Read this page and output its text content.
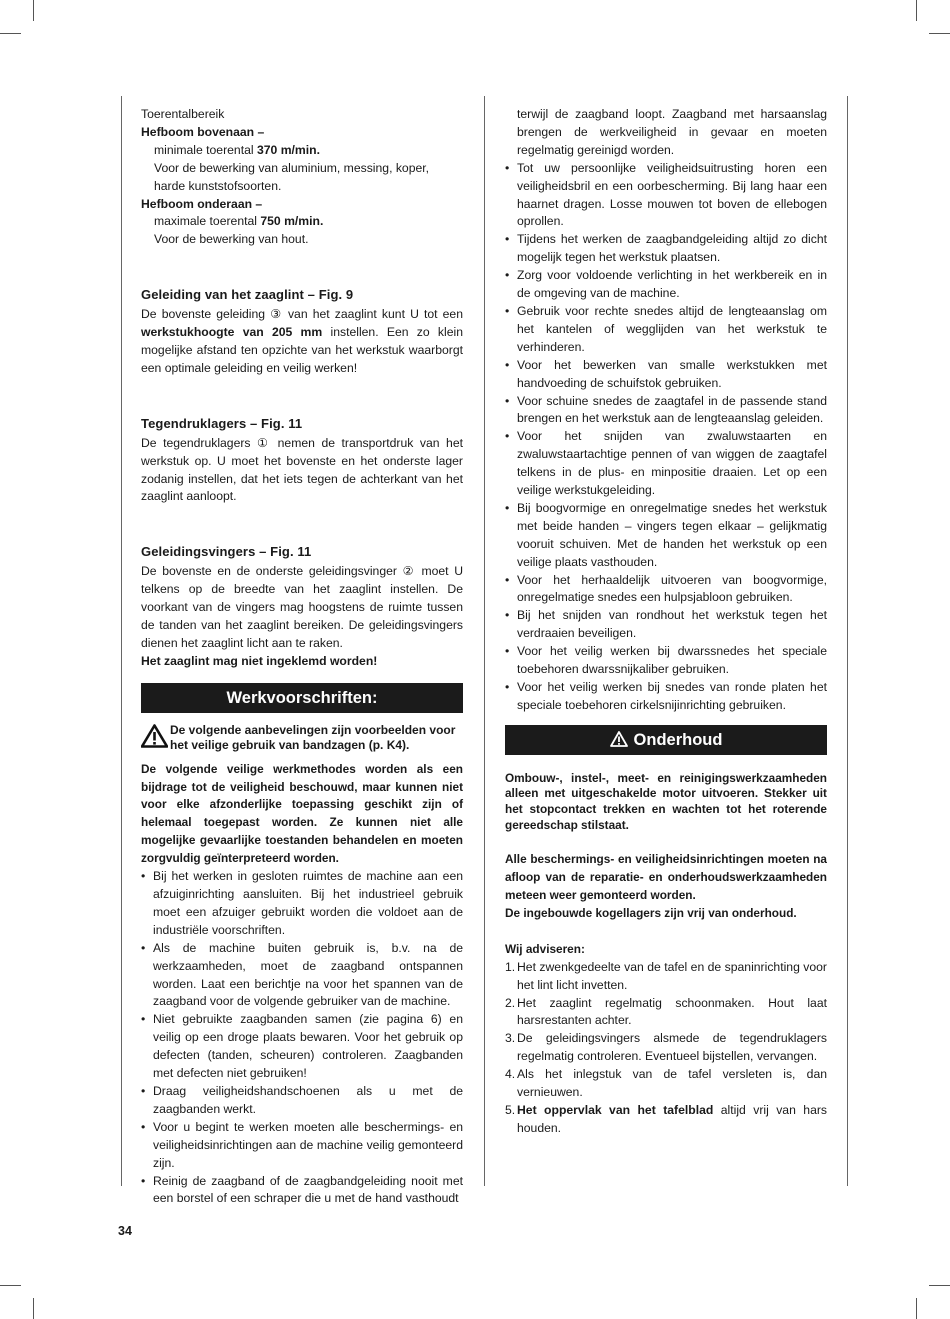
Toerentalbereik

Hefboom bovenaan –

minimale toerental 370 m/min.

Voor de bewerking van aluminium, messing, koper, harde kunststofsoorten.

Hefboom onderaan –

maximale toerental 750 m/min.

Voor de bewerking van hout.

Geleiding van het zaaglint – Fig. 9

De bovenste geleiding ③ van het zaaglint kunt U tot een werkstukhoogte van 205 mm instellen. Een zo klein mogelijke afstand ten opzichte van het werkstuk waarborgt een optimale geleiding en veilig werken!

Tegendruklagers – Fig. 11

De tegendruklagers ① nemen de transportdruk van het werkstuk op. U moet het bovenste en het onderste lager zodanig instellen, dat het iets tegen de achterkant van het zaaglint aanloopt.

Geleidingsvingers – Fig. 11

De bovenste en de onderste geleidingsvinger ② moet U telkens op de breedte van het zaaglint instellen. De voorkant van de vingers mag hoogstens de ruimte tussen de tanden van het zaaglint bereiken. De geleidingsvingers dienen het zaaglint licht aan te raken.

Het zaaglint mag niet ingeklemd worden!

Werkvoorschriften:
De volgende aanbevelingen zijn voorbeelden voor het veilige gebruik van bandzagen (p. K4).

De volgende veilige werkmethodes worden als een bijdrage tot de veiligheid beschouwd, maar kunnen niet voor elke afzonderlijke toepassing geschikt zijn of helemaal toegepast worden. Ze kunnen niet alle mogelijke gevaarlijke toestanden behandelen en moeten zorgvuldig geïnterpreteerd worden.

• Bij het werken in gesloten ruimtes de machine aan een afzuiginrichting aansluiten. Bij het industrieel gebruik moet een afzuiger gebruikt worden die voldoet aan de industriële voorschriften.
• Als de machine buiten gebruik is, b.v. na de werkzaamheden, moet de zaagband ontspannen worden. Laat een berichtje na voor het spannen van de zaagband voor de volgende gebruiker van de machine.
• Niet gebruikte zaagbanden samen (zie pagina 6) en veilig op een droge plaats bewaren. Voor het gebruik op defecten (tanden, scheuren) controleren. Zaagbanden met defecten niet gebruiken!
• Draag veiligheidshandschoenen als u met de zaagbanden werkt.
• Voor u begint te werken moeten alle beschermings- en veiligheidsinrichtingen aan de machine veilig gemonteerd zijn.
• Reinig de zaagband of de zaagbandgeleiding nooit met een borstel of een schraper die u met de hand vasthoudt

terwijl de zaagband loopt. Zaagband met harsaanslag brengen de werkveiligheid in gevaar en moeten regelmatig gereinigd worden.

• Tot uw persoonlijke veiligheidsuitrusting horen een veiligheidsbril en een oorbescherming. Bij lang haar een haarnet dragen. Losse mouwen tot boven de ellebogen oprollen.
• Tijdens het werken de zaagbandgeleiding altijd zo dicht mogelijk tegen het werkstuk plaatsen.
• Zorg voor voldoende verlichting in het werkbereik en in de omgeving van de machine.
• Gebruik voor rechte snedes altijd de lengteaanslag om het kantelen of wegglijden van het werkstuk te verhinderen.
• Voor het bewerken van smalle werkstukken met handvoeding de schuifstok gebruiken.
• Voor schuine snedes de zaagtafel in de passende stand brengen en het werkstuk aan de lengteaanslag geleiden.
• Voor het snijden van zwaluwstaarten en zwaluwstaartachtige pennen of van wiggen de zaagtafel telkens in de plus- en minpositie draaien. Let op een veilige werkstukgeleiding.
• Bij boogvormige en onregelmatige snedes het werkstuk met beide handen – vingers tegen elkaar – gelijkmatig vooruit schuiven. Met de handen het werkstuk op een veilige plaats vasthouden.
• Voor het herhaaldelijk uitvoeren van boogvormige, onregelmatige snedes een hulpsjabloon gebruiken.
• Bij het snijden van rondhout het werkstuk tegen het verdraaien beveiligen.
• Voor het veilig werken bij dwarssnedes het speciale toebehoren dwarssnijkaliber gebruiken.
• Voor het veilig werken bij snedes van ronde platen het speciale toebehoren cirkelsnijinrichting gebruiken.
Onderhoud

Ombouw-, instel-, meet- en reinigingswerkzaamheden alleen met uitgeschakelde motor uitvoeren. Stekker uit het stopcontact trekken en wachten tot het roterende gereedschap stilstaat.

Alle beschermings- en veiligheidsinrichtingen moeten na afloop van de reparatie- en onderhoudswerkzaamheden meteen weer gemonteerd worden.

De ingebouwde kogellagers zijn vrij van onderhoud.

Wij adviseren:

1. Het zwenkgedeelte van de tafel en de spaninrichting voor het lint licht invetten.
2. Het zaaglint regelmatig schoonmaken. Hout laat harsrestanten achter.
3. De geleidingsvingers alsmede de tegendruklagers regelmatig controleren. Eventueel bijstellen, vervangen.
4. Als het inlegstuk van de tafel versleten is, dan vernieuwen.
5. Het oppervlak van het tafelblad altijd vrij van hars houden.
34
